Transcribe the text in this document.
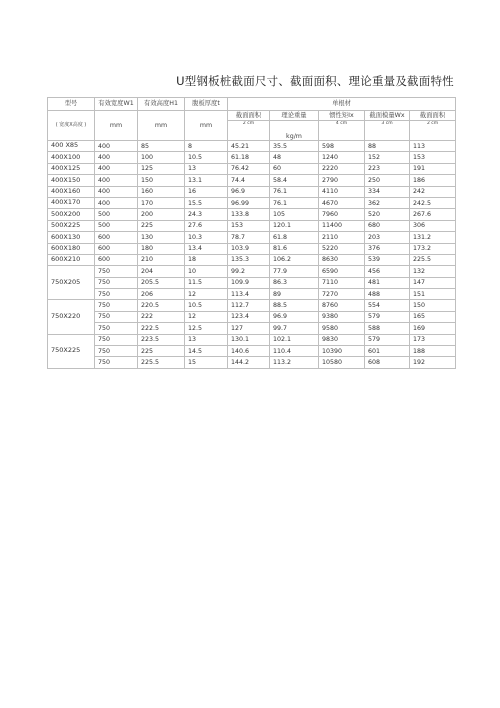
U型钢板桩截面尺寸、截面面积、理论重量及截面特性
型号	有效宽度W1	有效高度H1	腹板厚度t	单根材				
( 宽度X高度 )	mm	mm	mm	截面面积	理论重量	惯性矩Ix	截面模量Wx	截面面积
				2 cm	kg/m	4 cm	3 cm	2 cm
400 X85	400	85	8	45.21	35.5	598	88	113
400X100	400	100	10.5	61.18	48	1240	152	153
400X125	400	125	13	76.42	60	2220	223	191
400X150	400	150	13.1	74.4	58.4	2790	250	186
400X160	400	160	16	96.9	76.1	4110	334	242
400X170	400	170	15.5	96.99	76.1	4670	362	242.5
500X200	500	200	24.3	133.8	105	7960	520	267.6
500X225	500	225	27.6	153	120.1	11400	680	306
600X130	600	130	10.3	78.7	61.8	2110	203	131.2
600X180	600	180	13.4	103.9	81.6	5220	376	173.2
600X210	600	210	18	135.3	106.2	8630	539	225.5
750X205	750	204	10	99.2	77.9	6590	456	132
	750	205.5	11.5	109.9	86.3	7110	481	147
	750	206	12	113.4	89	7270	488	151
750X220	750	220.5	10.5	112.7	88.5	8760	554	150
	750	222	12	123.4	96.9	9380	579	165
	750	222.5	12.5	127	99.7	9580	588	169
750X225	750	223.5	13	130.1	102.1	9830	579	173
	750	225	14.5	140.6	110.4	10390	601	188
	750	225.5	15	144.2	113.2	10580	608	192
